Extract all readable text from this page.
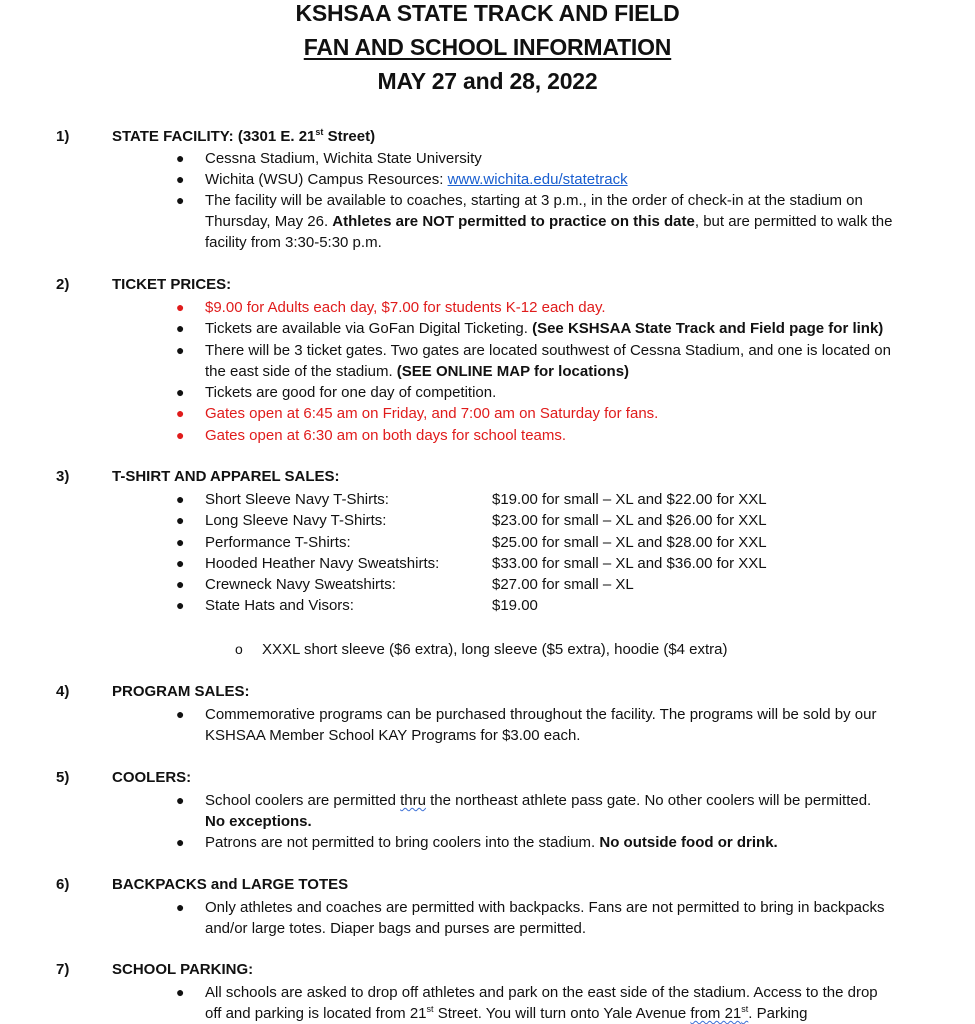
KSHSAA STATE TRACK AND FIELD
FAN AND SCHOOL INFORMATION
MAY 27 and 28, 2022
1)	STATE FACILITY: (3301 E. 21st Street)
● Cessna Stadium, Wichita State University
● Wichita (WSU) Campus Resources: www.wichita.edu/statetrack
● The facility will be available to coaches, starting at 3 p.m., in the order of check-in at the stadium on
Thursday, May 26. Athletes are NOT permitted to practice on this date, but are permitted to walk the
facility from 3:30-5:30 p.m.
2)	TICKET PRICES:
● $9.00 for Adults each day, $7.00 for students K-12 each day.
● Tickets are available via GoFan Digital Ticketing. (See KSHSAA State Track and Field page for link)
● There will be 3 ticket gates. Two gates are located southwest of Cessna Stadium, and one is located on
the east side of the stadium. (SEE ONLINE MAP for locations)
● Tickets are good for one day of competition.
● Gates open at 6:45 am on Friday, and 7:00 am on Saturday for fans.
● Gates open at 6:30 am on both days for school teams.
3)	T-SHIRT AND APPAREL SALES:
● Short Sleeve Navy T-Shirts:	$19.00 for small – XL and $22.00 for XXL
● Long Sleeve Navy T-Shirts:	$23.00 for small – XL and $26.00 for XXL
● Performance T-Shirts:	$25.00 for small – XL and $28.00 for XXL
● Hooded Heather Navy Sweatshirts:	$33.00 for small – XL and $36.00 for XXL
● Crewneck Navy Sweatshirts:	$27.00 for small – XL
● State Hats and Visors:	$19.00
o XXXL short sleeve ($6 extra), long sleeve ($5 extra), hoodie ($4 extra)
4)	PROGRAM SALES:
● Commemorative programs can be purchased throughout the facility. The programs will be sold by our
KSHSAA Member School KAY Programs for $3.00 each.
5)	COOLERS:
● School coolers are permitted thru the northeast athlete pass gate. No other coolers will be permitted.
No exceptions.
● Patrons are not permitted to bring coolers into the stadium. No outside food or drink.
6)	BACKPACKS and LARGE TOTES
● Only athletes and coaches are permitted with backpacks. Fans are not permitted to bring in backpacks
and/or large totes. Diaper bags and purses are permitted.
7)	SCHOOL PARKING:
● All schools are asked to drop off athletes and park on the east side of the stadium. Access to the drop
off and parking is located from 21st Street. You will turn onto Yale Avenue from 21st. Parking
